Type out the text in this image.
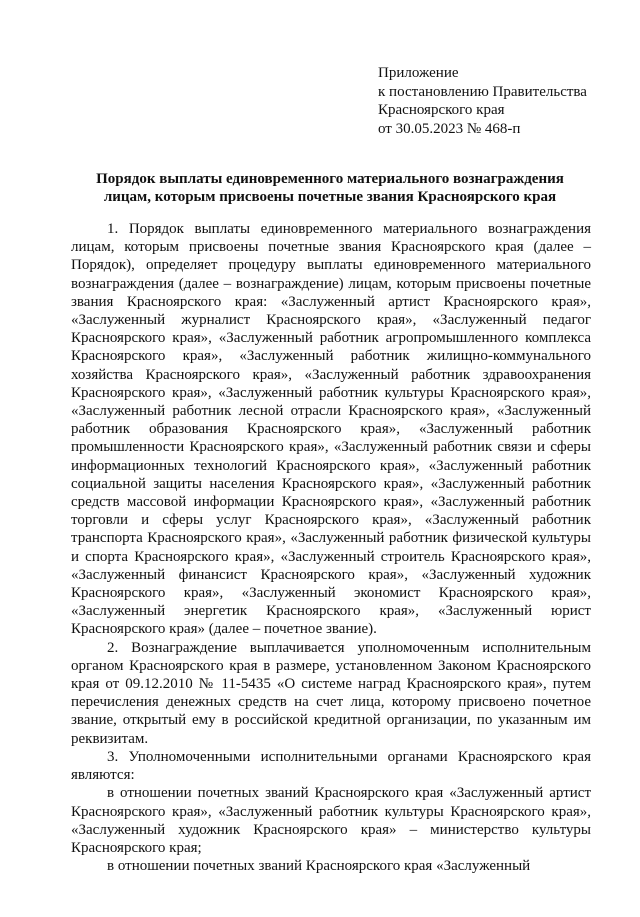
Приложение
к постановлению Правительства
Красноярского края
от 30.05.2023 № 468-п
Порядок выплаты единовременного материального вознаграждения
лицам, которым присвоены почетные звания Красноярского края

1. Порядок выплаты единовременного материального вознаграждения лицам, которым присвоены почетные звания Красноярского края (далее – Порядок), определяет процедуру выплаты единовременного материального вознаграждения (далее – вознаграждение) лицам, которым присвоены почетные звания Красноярского края: «Заслуженный артист Красноярского края», «Заслуженный журналист Красноярского края», «Заслуженный педагог Красноярского края», «Заслуженный работник агропромышленного комплекса Красноярского края», «Заслуженный работник жилищно-коммунального хозяйства Красноярского края», «Заслуженный работник здравоохранения Красноярского края», «Заслуженный работник культуры Красноярского края», «Заслуженный работник лесной отрасли Красноярского края», «Заслуженный работник образования Красноярского края», «Заслуженный работник промышленности Красноярского края», «Заслуженный работник связи и сферы информационных технологий Красноярского края», «Заслуженный работник социальной защиты населения Красноярского края», «Заслуженный работник средств массовой информации Красноярского края», «Заслуженный работник торговли и сферы услуг Красноярского края», «Заслуженный работник транспорта Красноярского края», «Заслуженный работник физической культуры и спорта Красноярского края», «Заслуженный строитель Красноярского края», «Заслуженный финансист Красноярского края», «Заслуженный художник Красноярского края», «Заслуженный экономист Красноярского края», «Заслуженный энергетик Красноярского края», «Заслуженный юрист Красноярского края» (далее – почетное звание).

2. Вознаграждение выплачивается уполномоченным исполнительным органом Красноярского края в размере, установленном Законом Красноярского края от 09.12.2010 № 11-5435 «О системе наград Красноярского края», путем перечисления денежных средств на счет лица, которому присвоено почетное звание, открытый ему в российской кредитной организации, по указанным им реквизитам.

3. Уполномоченными исполнительными органами Красноярского края являются:

в отношении почетных званий Красноярского края «Заслуженный артист Красноярского края», «Заслуженный работник культуры Красноярского края», «Заслуженный художник Красноярского края» – министерство культуры Красноярского края;

в отношении почетных званий Красноярского края «Заслуженный
